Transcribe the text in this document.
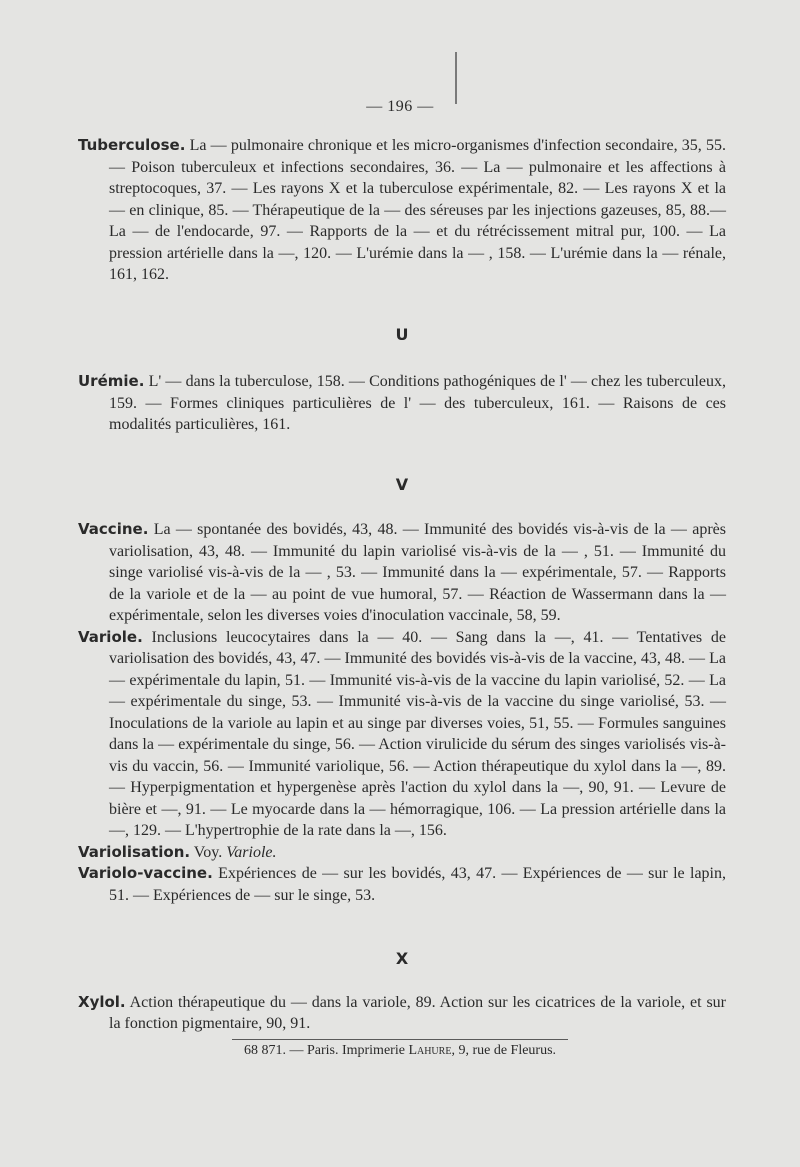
— 196 —

Tuberculose. La — pulmonaire chronique et les micro-organismes d'infection secondaire, 35, 55. — Poison tuberculeux et infections secondaires, 36. — La — pulmonaire et les affections à streptocoques, 37. — Les rayons X et la tuberculose expérimentale, 82. — Les rayons X et la — en clinique, 85. — Thérapeutique de la — des séreuses par les injections gazeuses, 85, 88.— La — de l'endocarde, 97. — Rapports de la — et du rétrécissement mitral pur, 100. — La pression artérielle dans la —, 120. — L'urémie dans la — , 158. — L'urémie dans la — rénale, 161, 162.

U

Urémie. L' — dans la tuberculose, 158. — Conditions pathogéniques de l' — chez les tuberculeux, 159. — Formes cliniques particulières de l' — des tuberculeux, 161. — Raisons de ces modalités particulières, 161.

V

Vaccine. La — spontanée des bovidés, 43, 48. — Immunité des bovidés vis-à-vis de la — après variolisation, 43, 48. — Immunité du lapin variolisé vis-à-vis de la — , 51. — Immunité du singe variolisé vis-à-vis de la — , 53. — Immunité dans la — expérimentale, 57. — Rapports de la variole et de la — au point de vue humoral, 57. — Réaction de Wassermann dans la — expérimentale, selon les diverses voies d'inoculation vaccinale, 58, 59.

Variole. Inclusions leucocytaires dans la — 40. — Sang dans la —, 41. — Tentatives de variolisation des bovidés, 43, 47. — Immunité des bovidés vis-à-vis de la vaccine, 43, 48. — La — expérimentale du lapin, 51. — Immunité vis-à-vis de la vaccine du lapin variolisé, 52. — La — expérimentale du singe, 53. — Immunité vis-à-vis de la vaccine du singe variolisé, 53. — Inoculations de la variole au lapin et au singe par diverses voies, 51, 55. — Formules sanguines dans la — expérimentale du singe, 56. — Action virulicide du sérum des singes variolisés vis-à-vis du vaccin, 56. — Immunité variolique, 56. — Action thérapeutique du xylol dans la —, 89. — Hyperpigmentation et hypergenèse après l'action du xylol dans la —, 90, 91. — Levure de bière et —, 91. — Le myocarde dans la — hémorragique, 106. — La pression artérielle dans la —, 129. — L'hypertrophie de la rate dans la —, 156.

Variolisation. Voy. Variole.

Variolo-vaccine. Expériences de — sur les bovidés, 43, 47. — Expériences de — sur le lapin, 51. — Expériences de — sur le singe, 53.

X

Xylol. Action thérapeutique du — dans la variole, 89. Action sur les cicatrices de la variole, et sur la fonction pigmentaire, 90, 91.

68 871. — Paris. Imprimerie Lahure, 9, rue de Fleurus.
